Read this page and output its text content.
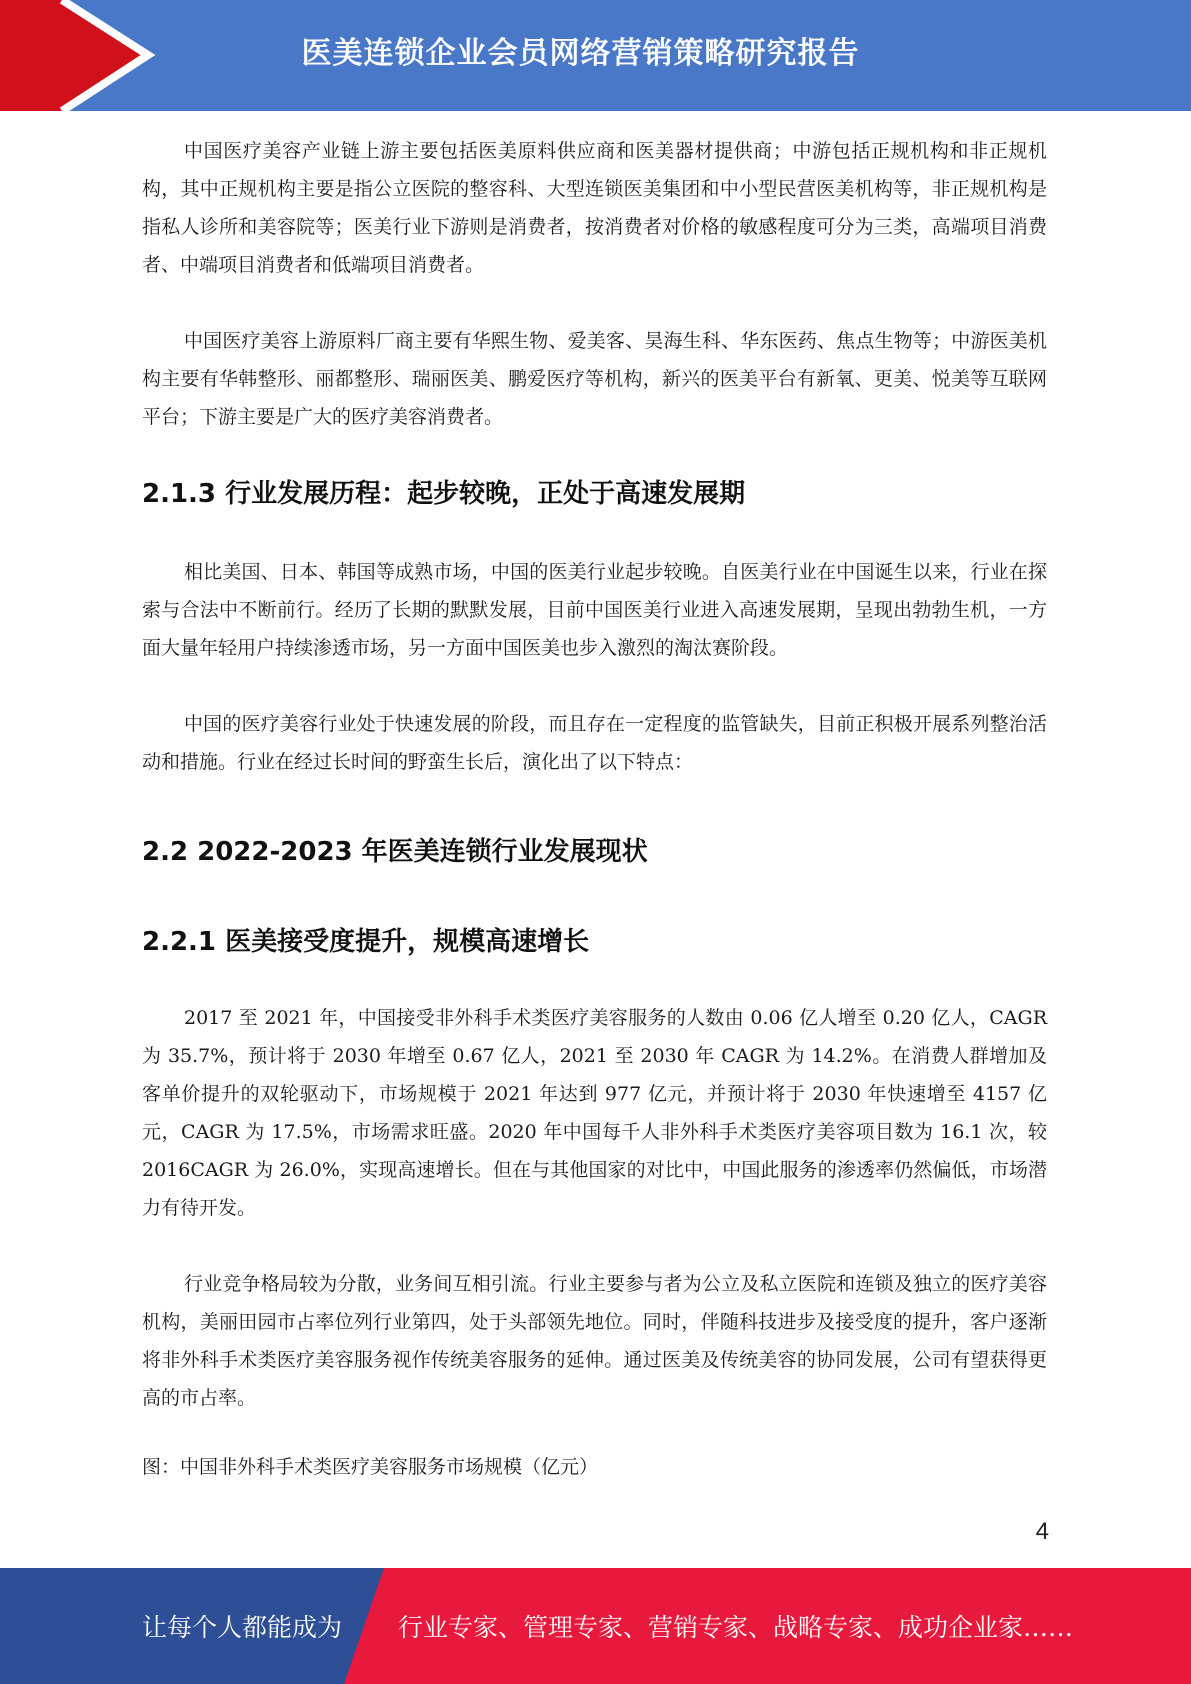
医美连锁企业会员网络营销策略研究报告

中国医疗美容产业链上游主要包括医美原料供应商和医美器材提供商；中游包括正规机构和非正规机构，其中正规机构主要是指公立医院的整容科、大型连锁医美集团和中小型民营医美机构等，非正规机构是指私人诊所和美容院等；医美行业下游则是消费者，按消费者对价格的敏感程度可分为三类，高端项目消费者、中端项目消费者和低端项目消费者。

中国医疗美容上游原料厂商主要有华熙生物、爱美客、昊海生科、华东医药、焦点生物等；中游医美机构主要有华韩整形、丽都整形、瑞丽医美、鹏爱医疗等机构，新兴的医美平台有新氧、更美、悦美等互联网平台；下游主要是广大的医疗美容消费者。

2.1.3 行业发展历程：起步较晚，正处于高速发展期

相比美国、日本、韩国等成熟市场，中国的医美行业起步较晚。自医美行业在中国诞生以来，行业在探索与合法中不断前行。经历了长期的默默发展，目前中国医美行业进入高速发展期，呈现出勃勃生机，一方面大量年轻用户持续渗透市场，另一方面中国医美也步入激烈的淘汰赛阶段。

中国的医疗美容行业处于快速发展的阶段，而且存在一定程度的监管缺失，目前正积极开展系列整治活动和措施。行业在经过长时间的野蛮生长后，演化出了以下特点：

2.2 2022-2023 年医美连锁行业发展现状
2.2.1 医美接受度提升，规模高速增长

2017 至 2021 年，中国接受非外科手术类医疗美容服务的人数由 0.06 亿人增至 0.20 亿人，CAGR 为 35.7%，预计将于 2030 年增至 0.67 亿人，2021 至 2030 年 CAGR 为 14.2%。在消费人群增加及客单价提升的双轮驱动下，市场规模于 2021 年达到 977 亿元，并预计将于 2030 年快速增至 4157 亿元，CAGR 为 17.5%，市场需求旺盛。2020 年中国每千人非外科手术类医疗美容项目数为 16.1 次，较 2016CAGR 为 26.0%，实现高速增长。但在与其他国家的对比中，中国此服务的渗透率仍然偏低，市场潜力有待开发。

行业竞争格局较为分散，业务间互相引流。行业主要参与者为公立及私立医院和连锁及独立的医疗美容机构，美丽田园市占率位列行业第四，处于头部领先地位。同时，伴随科技进步及接受度的提升，客户逐渐将非外科手术类医疗美容服务视作传统美容服务的延伸。通过医美及传统美容的协同发展，公司有望获得更高的市占率。

图：中国非外科手术类医疗美容服务市场规模（亿元）
4
让每个人都能成为 行业专家、管理专家、营销专家、战略专家、成功企业家……
